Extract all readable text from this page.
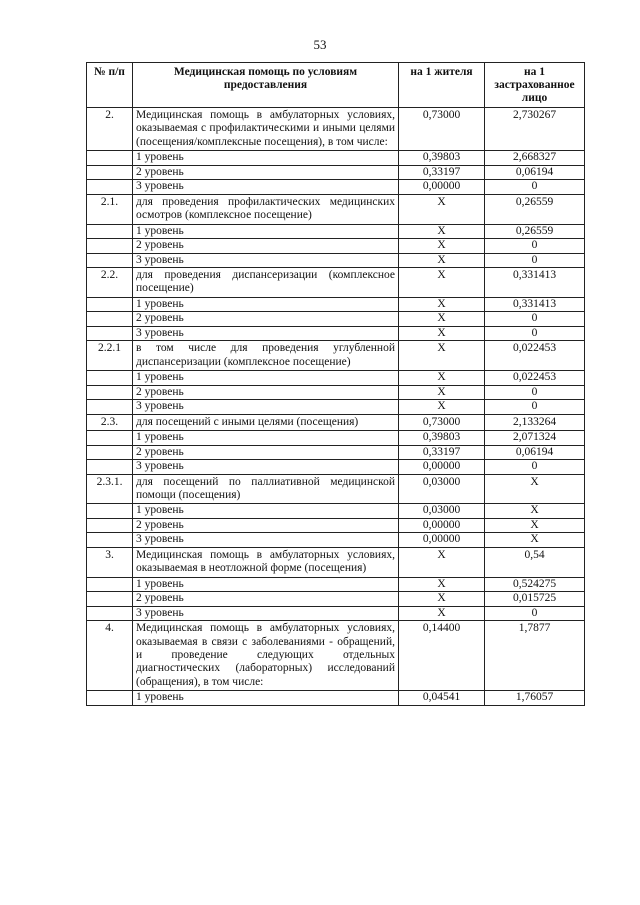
53
№ п/п	Медицинская помощь по условиям предоставления	на 1 жителя	на 1 застрахованное лицо
2.	Медицинская помощь в амбулаторных условиях, оказываемая с профилактическими и иными целями (посещения/комплексные посещения), в том числе:	0,73000	2,730267
	1 уровень	0,39803	2,668327
	2 уровень	0,33197	0,06194
	3 уровень	0,00000	0
2.1.	для проведения профилактических медицинских осмотров (комплексное посещение)	Х	0,26559
	1 уровень	Х	0,26559
	2 уровень	Х	0
	3 уровень	Х	0
2.2.	для проведения диспансеризации (комплексное посещение)	Х	0,331413
	1 уровень	Х	0,331413
	2 уровень	Х	0
	3 уровень	Х	0
2.2.1	в том числе для проведения углубленной диспансеризации (комплексное посещение)	Х	0,022453
	1 уровень	Х	0,022453
	2 уровень	Х	0
	3 уровень	Х	0
2.3.	для посещений с иными целями (посещения)	0,73000	2,133264
	1 уровень	0,39803	2,071324
	2 уровень	0,33197	0,06194
	3 уровень	0,00000	0
2.3.1.	для посещений по паллиативной медицинской помощи (посещения)	0,03000	Х
	1 уровень	0,03000	Х
	2 уровень	0,00000	Х
	3 уровень	0,00000	Х
3.	Медицинская помощь в амбулаторных условиях, оказываемая в неотложной форме (посещения)	Х	0,54
	1 уровень	Х	0,524275
	2 уровень	Х	0,015725
	3 уровень	Х	0
4.	Медицинская помощь в амбулаторных условиях, оказываемая в связи с заболеваниями - обращений, и проведение следующих отдельных диагностических (лабораторных) исследований (обращения), в том числе:	0,14400	1,7877
	1 уровень	0,04541	1,76057
